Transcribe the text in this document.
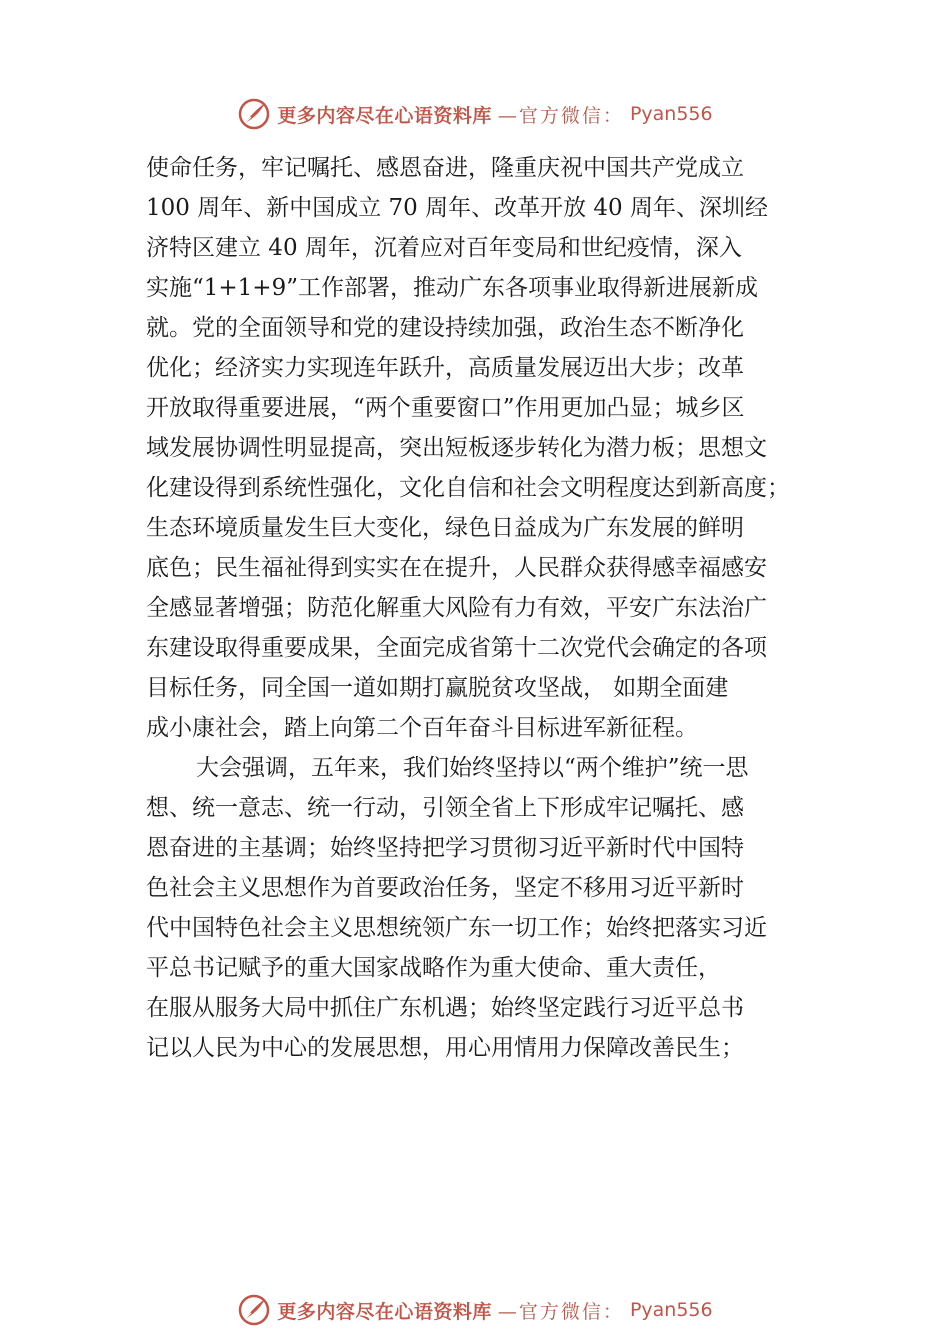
更多内容尽在心语资料库 —官方微信： Pyan556
使命任务，牢记嘱托、感恩奋进，隆重庆祝中国共产党成立
100 周年、新中国成立 70 周年、改革开放 40 周年、深圳经
济特区建立 40 周年，沉着应对百年变局和世纪疫情，深入
实施“1+1+9”工作部署，推动广东各项事业取得新进展新成
就。党的全面领导和党的建设持续加强，政治生态不断净化
优化；经济实力实现连年跃升，高质量发展迈出大步；改革
开放取得重要进展，“两个重要窗口”作用更加凸显；城乡区
域发展协调性明显提高，突出短板逐步转化为潜力板；思想文
化建设得到系统性强化，文化自信和社会文明程度达到新高度；
生态环境质量发生巨大变化，绿色日益成为广东发展的鲜明
底色；民生福祉得到实实在在提升，人民群众获得感幸福感安
全感显著增强；防范化解重大风险有力有效，平安广东法治广
东建设取得重要成果，全面完成省第十二次党代会确定的各项
目标任务，同全国一道如期打赢脱贫攻坚战， 如期全面建
成小康社会，踏上向第二个百年奋斗目标进军新征程。
大会强调，五年来，我们始终坚持以“两个维护”统一思
想、统一意志、统一行动，引领全省上下形成牢记嘱托、感
恩奋进的主基调；始终坚持把学习贯彻习近平新时代中国特
色社会主义思想作为首要政治任务，坚定不移用习近平新时
代中国特色社会主义思想统领广东一切工作；始终把落实习近
平总书记赋予的重大国家战略作为重大使命、重大责任，
在服从服务大局中抓住广东机遇；始终坚定践行习近平总书
记以人民为中心的发展思想，用心用情用力保障改善民生；
更多内容尽在心语资料库 —官方微信： Pyan556
